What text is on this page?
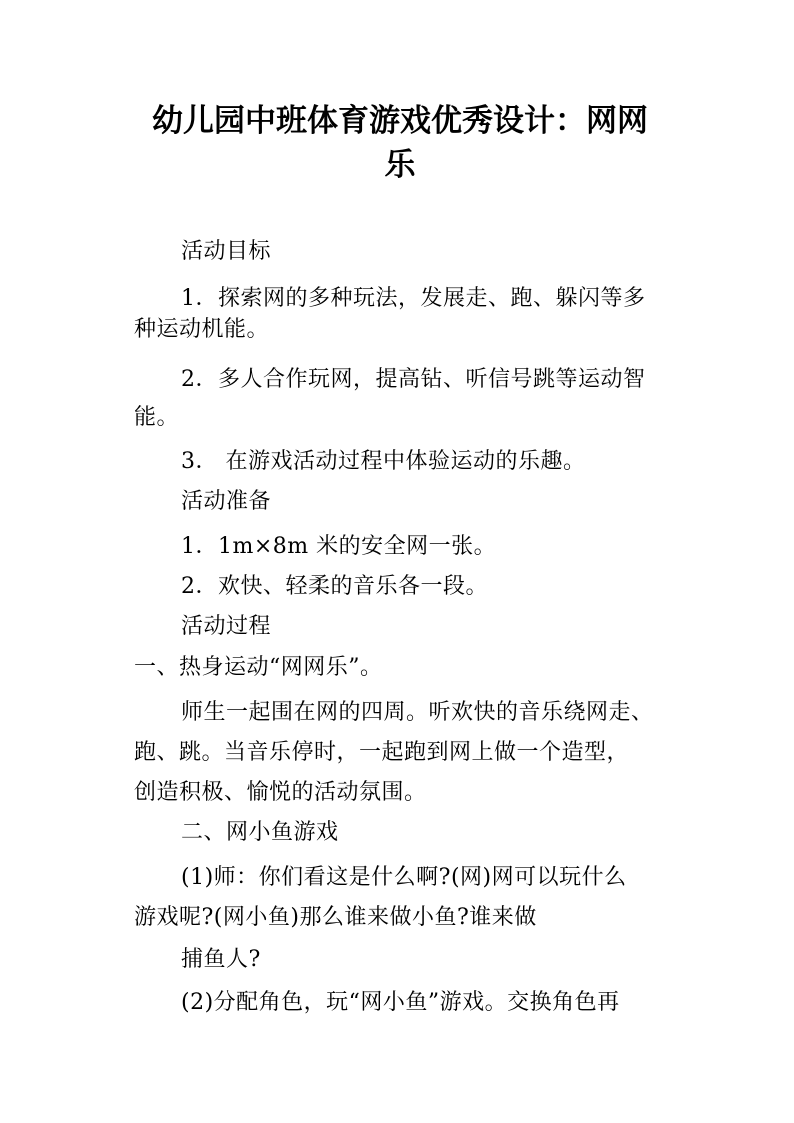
幼儿园中班体育游戏优秀设计：网网
乐
活动目标
1．探索网的多种玩法，发展走、跑、躲闪等多
种运动机能。
2．多人合作玩网，提高钻、听信号跳等运动智
能。
3． 在游戏活动过程中体验运动的乐趣。
活动准备
1．1m×8m 米的安全网一张。
2．欢快、轻柔的音乐各一段。
活动过程
一、热身运动“网网乐”。
师生一起围在网的四周。听欢快的音乐绕网走、
跑、跳。当音乐停时，一起跑到网上做一个造型，
创造积极、愉悦的活动氛围。
二、网小鱼游戏
(1)师：你们看这是什么啊?(网)网可以玩什么
游戏呢?(网小鱼)那么谁来做小鱼?谁来做
捕鱼人?
(2)分配角色，玩“网小鱼”游戏。交换角色再
